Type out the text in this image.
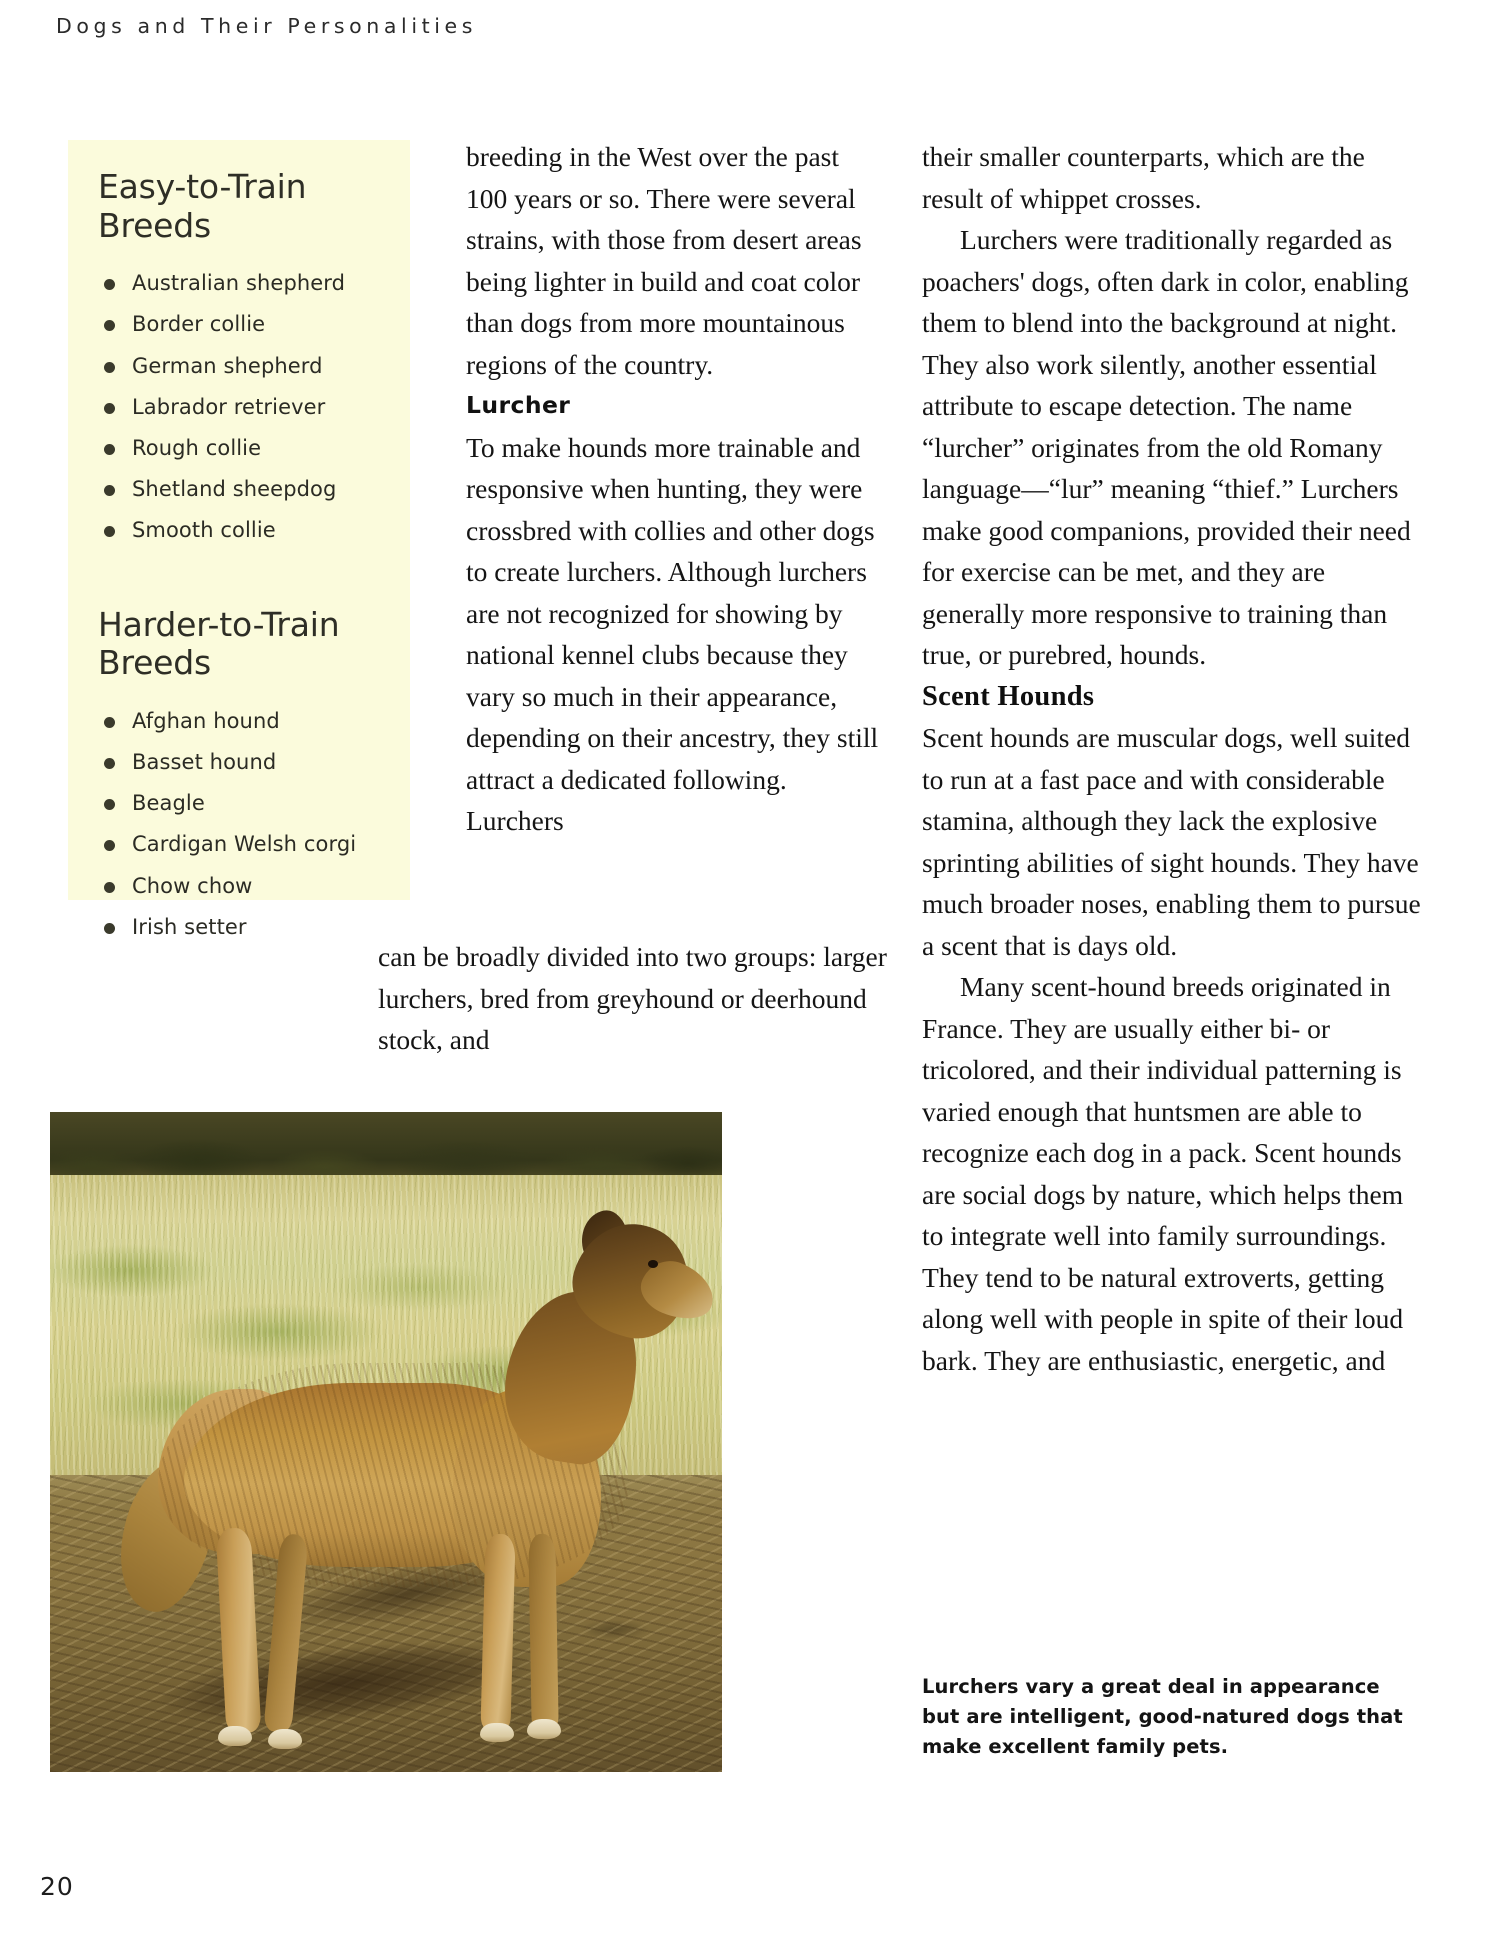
Dogs and Their Personalities
Easy-to-Train Breeds
Australian shepherd
Border collie
German shepherd
Labrador retriever
Rough collie
Shetland sheepdog
Smooth collie
Harder-to-Train Breeds
Afghan hound
Basset hound
Beagle
Cardigan Welsh corgi
Chow chow
Irish setter

breeding in the West over the past 100 years or so. There were several strains, with those from desert areas being lighter in build and coat color than dogs from more mountainous regions of the country.

Lurcher

To make hounds more trainable and responsive when hunting, they were crossbred with collies and other dogs to create lurchers. Although lurchers are not recognized for showing by national kennel clubs because they vary so much in their appearance, depending on their ancestry, they still attract a dedicated following. Lurchers

can be broadly divided into two groups: larger lurchers, bred from greyhound or deerhound stock, and

their smaller counterparts, which are the result of whippet crosses.

Lurchers were traditionally regarded as poachers' dogs, often dark in color, enabling them to blend into the background at night. They also work silently, another essential attribute to escape detection. The name “lurcher” originates from the old Romany language—“lur” meaning “thief.” Lurchers make good companions, provided their need for exercise can be met, and they are generally more responsive to training than true, or purebred, hounds.

Scent Hounds

Scent hounds are muscular dogs, well suited to run at a fast pace and with considerable stamina, although they lack the explosive sprinting abilities of sight hounds. They have much broader noses, enabling them to pursue a scent that is days old.

Many scent-hound breeds originated in France. They are usually either bi- or tricolored, and their individual patterning is varied enough that huntsmen are able to recognize each dog in a pack. Scent hounds are social dogs by nature, which helps them to integrate well into family surroundings. They tend to be natural extroverts, getting along well with people in spite of their loud bark. They are enthusiastic, energetic, and

Lurchers vary a great deal in appearance but are intelligent, good-natured dogs that make excellent family pets.

20
